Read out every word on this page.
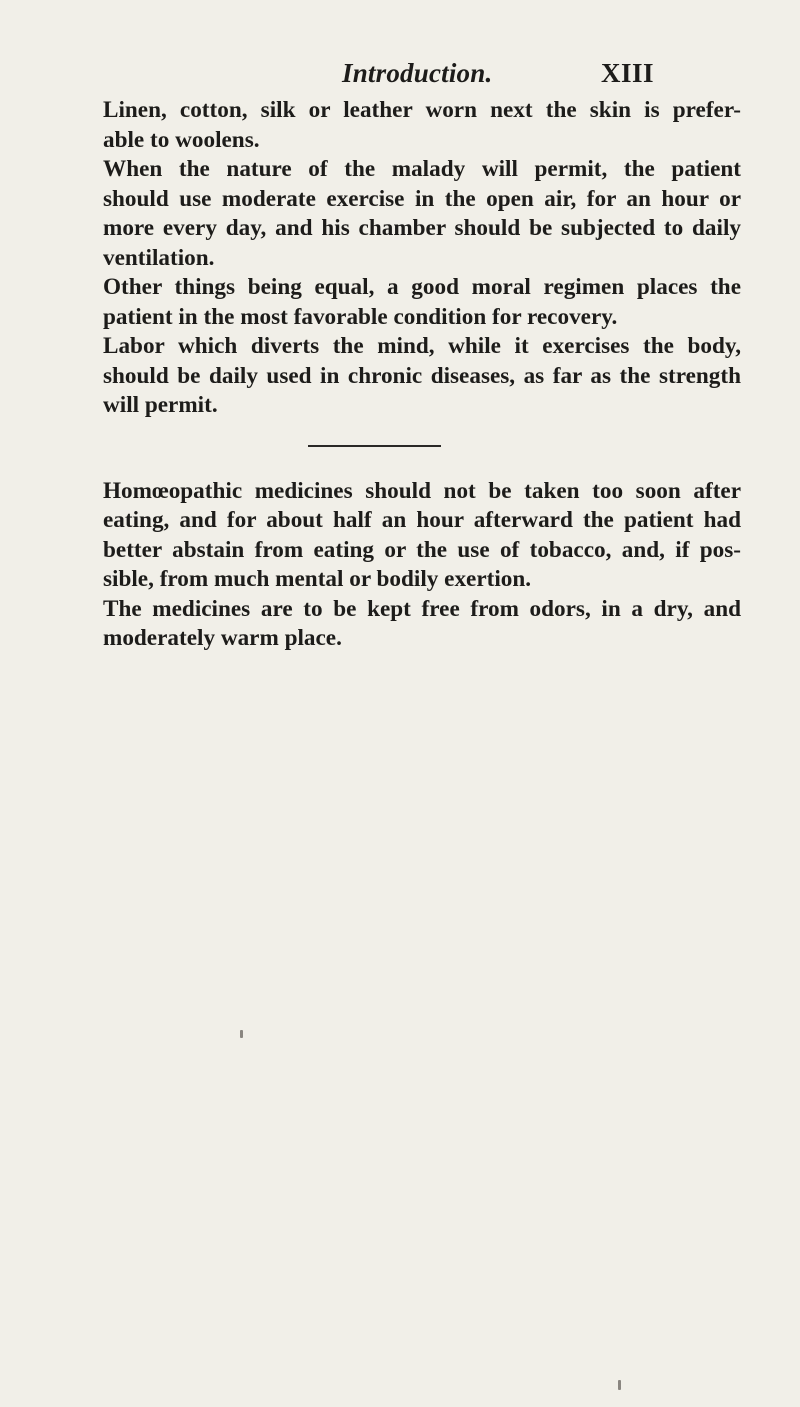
Introduction.	XIII
Linen, cotton, silk or leather worn next the skin is prefer-
able to woolens.
When the nature of the malady will permit, the patient
should use moderate exercise in the open air, for an hour or
more every day, and his chamber should be subjected to daily
ventilation.
Other things being equal, a good moral regimen places the
patient in the most favorable condition for recovery.
Labor which diverts the mind, while it exercises the body,
should be daily used in chronic diseases, as far as the strength
will permit.
Homœopathic medicines should not be taken too soon after
eating, and for about half an hour afterward the patient had
better abstain from eating or the use of tobacco, and, if pos-
sible, from much mental or bodily exertion.
The medicines are to be kept free from odors, in a dry, and
moderately warm place.
